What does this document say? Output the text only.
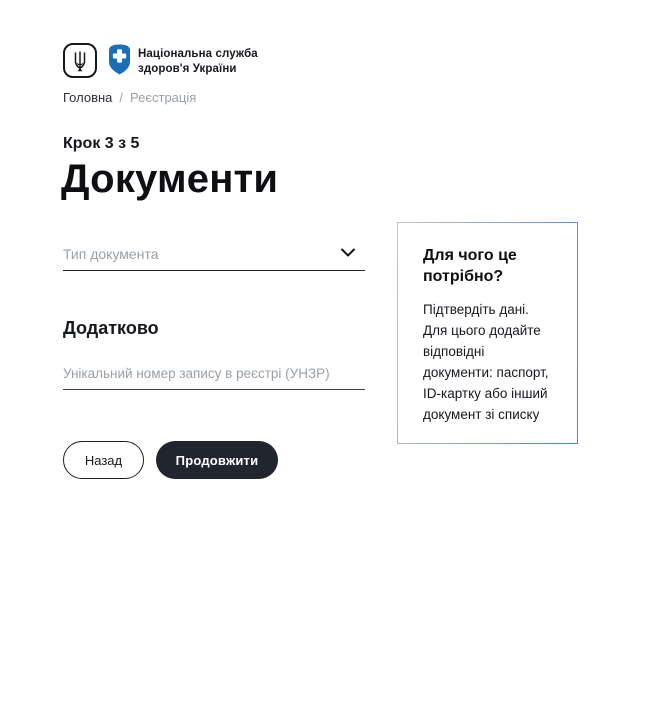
Національна служба
здоров'я України
Головна / Реєстрація
Крок 3 з 5
Документи
Тип документа
Додатково
Унікальний номер запису в реєстрі (УНЗР)
Назад	Продовжити
Для чого це потрібно?
Підтвердіть дані. Для цього додайте відповідні документи: паспорт, ID-картку або інший документ зі списку
